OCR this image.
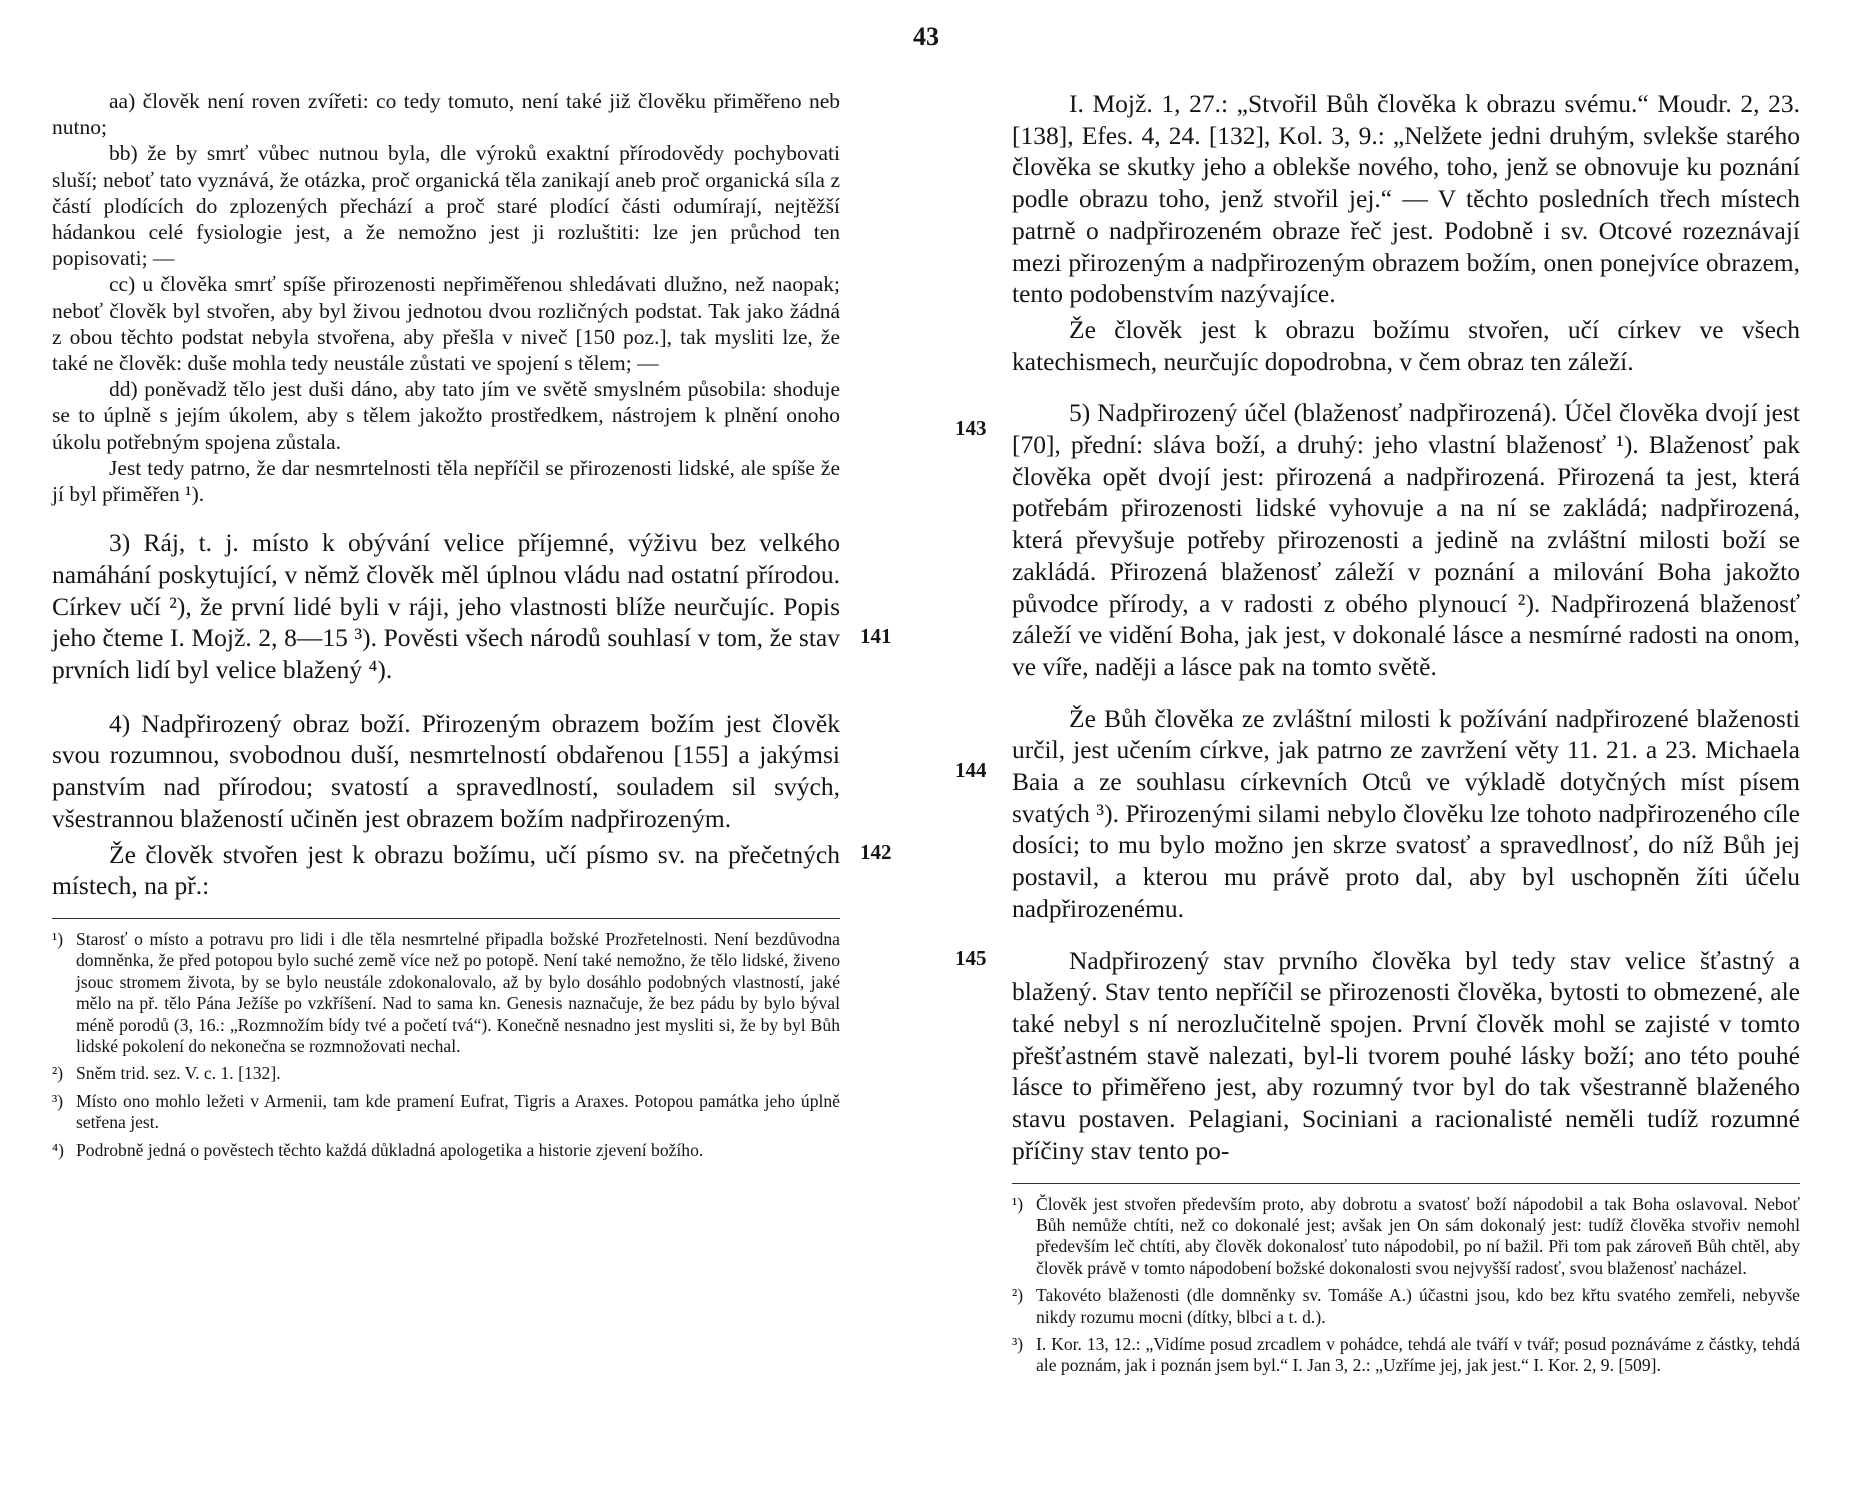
43
141
142
143
144
145

aa) člověk není roven zvířeti: co tedy tomuto, není také již člověku přiměřeno neb nutno;

bb) že by smrť vůbec nutnou byla, dle výroků exaktní přírodovědy pochybovati sluší; neboť tato vyznává, že otázka, proč organická těla zanikají aneb proč organická síla z částí plodících do zplozených přechází a proč staré plodící části odumírají, nejtěžší hádankou celé fysiologie jest, a že nemožno jest ji rozluštiti: lze jen průchod ten popisovati; —

cc) u člověka smrť spíše přirozenosti nepřiměřenou shledávati dlužno, než naopak; neboť člověk byl stvořen, aby byl živou jednotou dvou rozličných podstat. Tak jako žádná z obou těchto podstat nebyla stvořena, aby přešla v niveč [150 poz.], tak mysliti lze, že také ne člověk: duše mohla tedy neustále zůstati ve spojení s tělem; —

dd) poněvadž tělo jest duši dáno, aby tato jím ve světě smyslném působila: shoduje se to úplně s jejím úkolem, aby s tělem jakožto prostředkem, nástrojem k plnění onoho úkolu potřebným spojena zůstala.

Jest tedy patrno, že dar nesmrtelnosti těla nepříčil se přirozenosti lidské, ale spíše že jí byl přiměřen ¹).

3) Ráj, t. j. místo k obývání velice příjemné, výživu bez velkého namáhání poskytující, v němž člověk měl úplnou vládu nad ostatní přírodou. Církev učí ²), že první lidé byli v ráji, jeho vlastnosti blíže neurčujíc. Popis jeho čteme I. Mojž. 2, 8—15 ³). Pověsti všech národů souhlasí v tom, že stav prvních lidí byl velice blažený ⁴).

4) Nadpřirozený obraz boží. Přirozeným obrazem božím jest člověk svou rozumnou, svobodnou duší, nesmrtelností obdařenou [155] a jakýmsi panstvím nad přírodou; svatostí a spravedlností, souladem sil svých, všestrannou blažeností učiněn jest obrazem božím nadpřirozeným.

Že člověk stvořen jest k obrazu božímu, učí písmo sv. na přečetných místech, na př.:

¹) Starosť o místo a potravu pro lidi i dle těla nesmrtelné připadla božské Prozřetelnosti. Není bezdůvodna domněnka, že před potopou bylo suché země více než po potopě. Není také nemožno, že tělo lidské, živeno jsouc stromem života, by se bylo neustále zdokonalovalo, až by bylo dosáhlo podobných vlastností, jaké mělo na př. tělo Pána Ježíše po vzkříšení. Nad to sama kn. Genesis naznačuje, že bez pádu by bylo býval méně porodů (3, 16.: „Rozmnožím bídy tvé a početí tvá“). Konečně nesnadno jest mysliti si, že by byl Bůh lidské pokolení do nekonečna se rozmnožovati nechal.
²) Sněm trid. sez. V. c. 1. [132].
³) Místo ono mohlo ležeti v Armenii, tam kde pramení Eufrat, Tigris a Araxes. Potopou památka jeho úplně setřena jest.
⁴) Podrobně jedná o pověstech těchto každá důkladná apologetika a historie zjevení božího.

I. Mojž. 1, 27.: „Stvořil Bůh člověka k obrazu svému.“ Moudr. 2, 23. [138], Efes. 4, 24. [132], Kol. 3, 9.: „Nelžete jedni druhým, svlekše starého člověka se skutky jeho a oblekše nového, toho, jenž se obnovuje ku poznání podle obrazu toho, jenž stvořil jej.“ — V těchto posledních třech místech patrně o nadpřirozeném obraze řeč jest. Podobně i sv. Otcové rozeznávají mezi přirozeným a nadpřirozeným obrazem božím, onen ponejvíce obrazem, tento podobenstvím nazývajíce.

Že člověk jest k obrazu božímu stvořen, učí církev ve všech katechismech, neurčujíc dopodrobna, v čem obraz ten záleží.

5) Nadpřirozený účel (blaženosť nadpřirozená). Účel člověka dvojí jest [70], přední: sláva boží, a druhý: jeho vlastní blaženosť ¹). Blaženosť pak člověka opět dvojí jest: přirozená a nadpřirozená. Přirozená ta jest, která potřebám přirozenosti lidské vyhovuje a na ní se zakládá; nadpřirozená, která převyšuje potřeby přirozenosti a jedině na zvláštní milosti boží se zakládá. Přirozená blaženosť záleží v poznání a milování Boha jakožto původce přírody, a v radosti z obého plynoucí ²). Nadpřirozená blaženosť záleží ve vidění Boha, jak jest, v dokonalé lásce a nesmírné radosti na onom, ve víře, naději a lásce pak na tomto světě.

Že Bůh člověka ze zvláštní milosti k požívání nadpřirozené blaženosti určil, jest učením církve, jak patrno ze zavržení věty 11. 21. a 23. Michaela Baia a ze souhlasu církevních Otců ve výkladě dotyčných míst písem svatých ³). Přirozenými silami nebylo člověku lze tohoto nadpřirozeného cíle dosíci; to mu bylo možno jen skrze svatosť a spravedlnosť, do níž Bůh jej postavil, a kterou mu právě proto dal, aby byl uschopněn žíti účelu nadpřirozenému.

Nadpřirozený stav prvního člověka byl tedy stav velice šťastný a blažený. Stav tento nepříčil se přirozenosti člověka, bytosti to obmezené, ale také nebyl s ní nerozlučitelně spojen. První člověk mohl se zajisté v tomto přešťastném stavě nalezati, byl-li tvorem pouhé lásky boží; ano této pouhé lásce to přiměřeno jest, aby rozumný tvor byl do tak všestranně blaženého stavu postaven. Pelagiani, Sociniani a racionalisté neměli tudíž rozumné příčiny stav tento po-

¹) Člověk jest stvořen především proto, aby dobrotu a svatosť boží nápodobil a tak Boha oslavoval. Neboť Bůh nemůže chtíti, než co dokonalé jest; avšak jen On sám dokonalý jest: tudíž člověka stvořiv nemohl především leč chtíti, aby člověk dokonalosť tuto nápodobil, po ní bažil. Při tom pak zároveň Bůh chtěl, aby člověk právě v tomto nápodobení božské dokonalosti svou nejvyšší radosť, svou blaženosť nacházel.
²) Takovéto blaženosti (dle domněnky sv. Tomáše A.) účastni jsou, kdo bez křtu svatého zemřeli, nebyvše nikdy rozumu mocni (dítky, blbci a t. d.).
³) I. Kor. 13, 12.: „Vidíme posud zrcadlem v pohádce, tehdá ale tváří v tvář; posud poznáváme z částky, tehdá ale poznám, jak i poznán jsem byl.“ I. Jan 3, 2.: „Uzříme jej, jak jest.“ I. Kor. 2, 9. [509].
